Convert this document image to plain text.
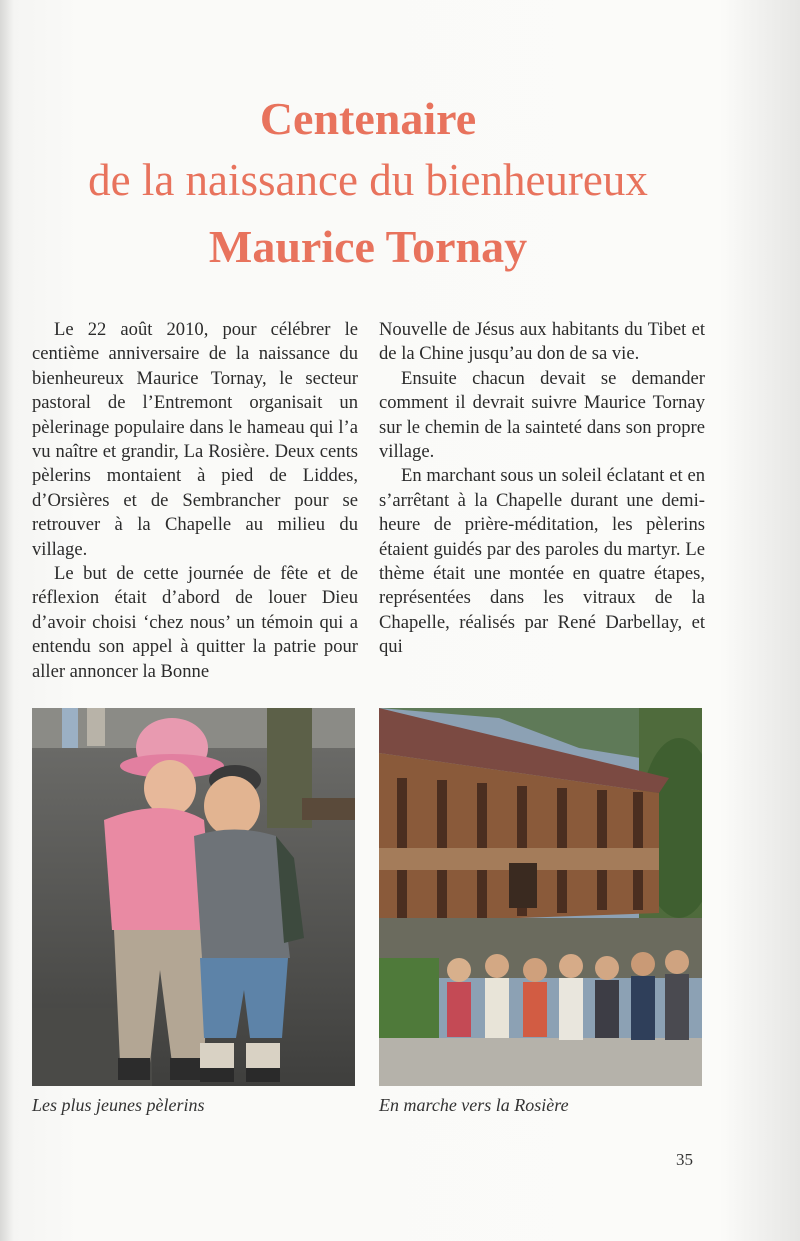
Centenaire
de la naissance du bienheureux
Maurice Tornay

Le 22 août 2010, pour célébrer le centième anniversaire de la naissance du bienheureux Maurice Tornay, le secteur pastoral de l’Entremont organisait un pèlerinage populaire dans le hameau qui l’a vu naître et grandir, La Rosière. Deux cents pèlerins montaient à pied de Liddes, d’Orsières et de Sembrancher pour se retrouver à la Chapelle au milieu du village.

Le but de cette journée de fête et de réflexion était d’abord de louer Dieu d’avoir choisi ‘chez nous’ un témoin qui a entendu son appel à quitter la patrie pour aller annoncer la Bonne

Nouvelle de Jésus aux habitants du Tibet et de la Chine jusqu’au don de sa vie.

Ensuite chacun devait se demander comment il devrait suivre Maurice Tornay sur le chemin de la sainteté dans son propre village.

En marchant sous un soleil éclatant et en s’arrêtant à la Chapelle durant une demi-heure de prière-méditation, les pèlerins étaient guidés par des paroles du martyr. Le thème était une montée en quatre étapes, représentées dans les vitraux de la Chapelle, réalisés par René Darbellay, et qui

Les plus jeunes pèlerins	En marche vers la Rosière
35
